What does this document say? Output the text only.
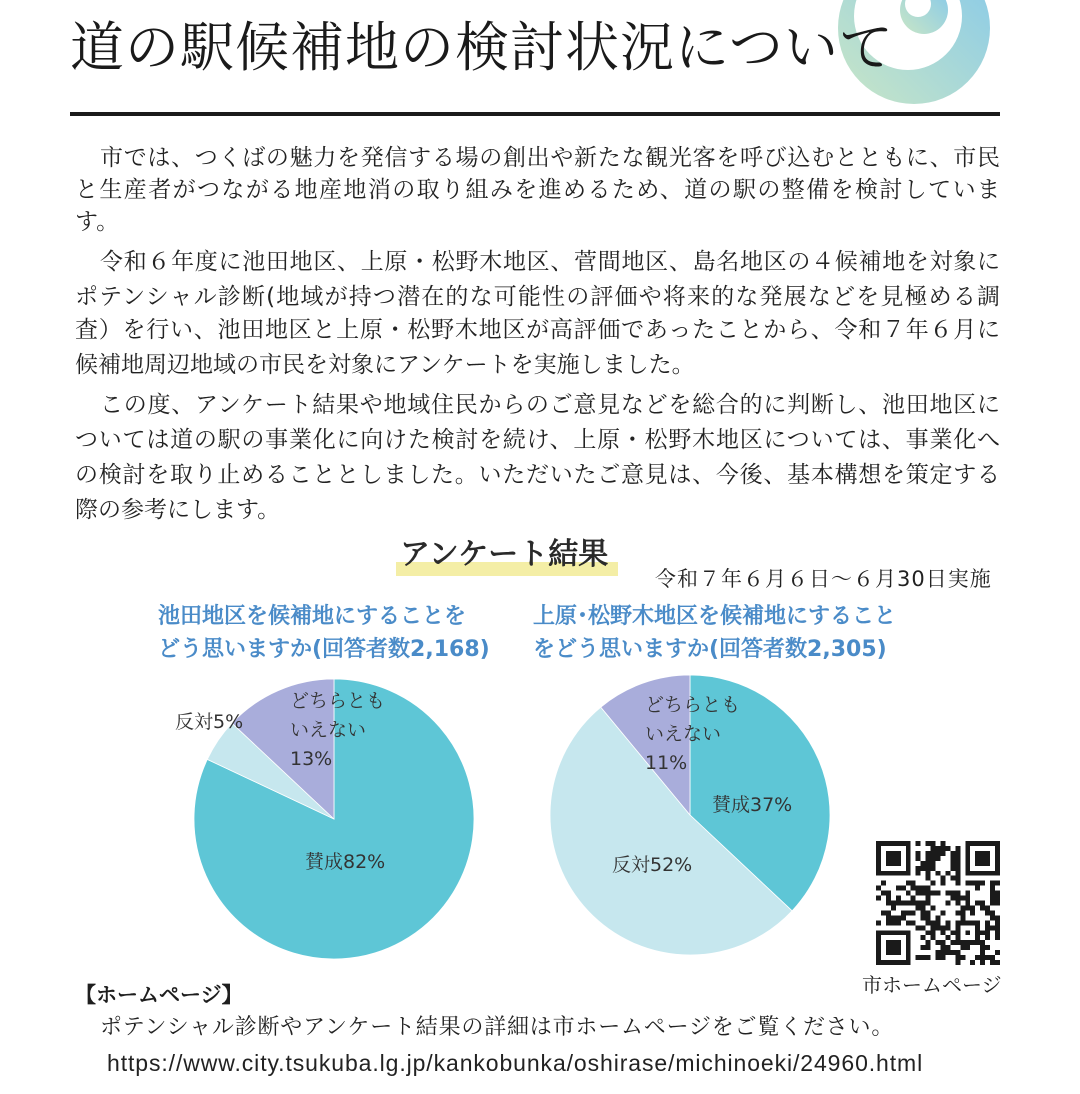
道の駅候補地の検討状況について
市では、つくばの魅力を発信する場の創出や新たな観光客を呼び込むとともに、市民
と生産者がつながる地産地消の取り組みを進めるため、道の駅の整備を検討していま
す。
令和６年度に池田地区、上原・松野木地区、菅間地区、島名地区の４候補地を対象に
ポテンシャル診断(地域が持つ潜在的な可能性の評価や将来的な発展などを見極める調
査）を行い、池田地区と上原・松野木地区が高評価であったことから、令和７年６月に
候補地周辺地域の市民を対象にアンケートを実施しました。
この度、アンケート結果や地域住民からのご意見などを総合的に判断し、池田地区に
ついては道の駅の事業化に向けた検討を続け、上原・松野木地区については、事業化へ
の検討を取り止めることとしました。いただいたご意見は、今後、基本構想を策定する
際の参考にします。
アンケート結果
令和７年６月６日～６月30日実施
池田地区を候補地にすることを
どう思いますか(回答者数2,168)
賛成82%
反対5%
どちらとも
いえない
13%
上原･松野木地区を候補地にすること
をどう思いますか(回答者数2,305)
賛成37%
反対52%
どちらとも
いえない
11%
市ホームページ
【ホームページ】
ポテンシャル診断やアンケート結果の詳細は市ホームページをご覧ください。
https://www.city.tsukuba.lg.jp/kankobunka/oshirase/michinoeki/24960.html
